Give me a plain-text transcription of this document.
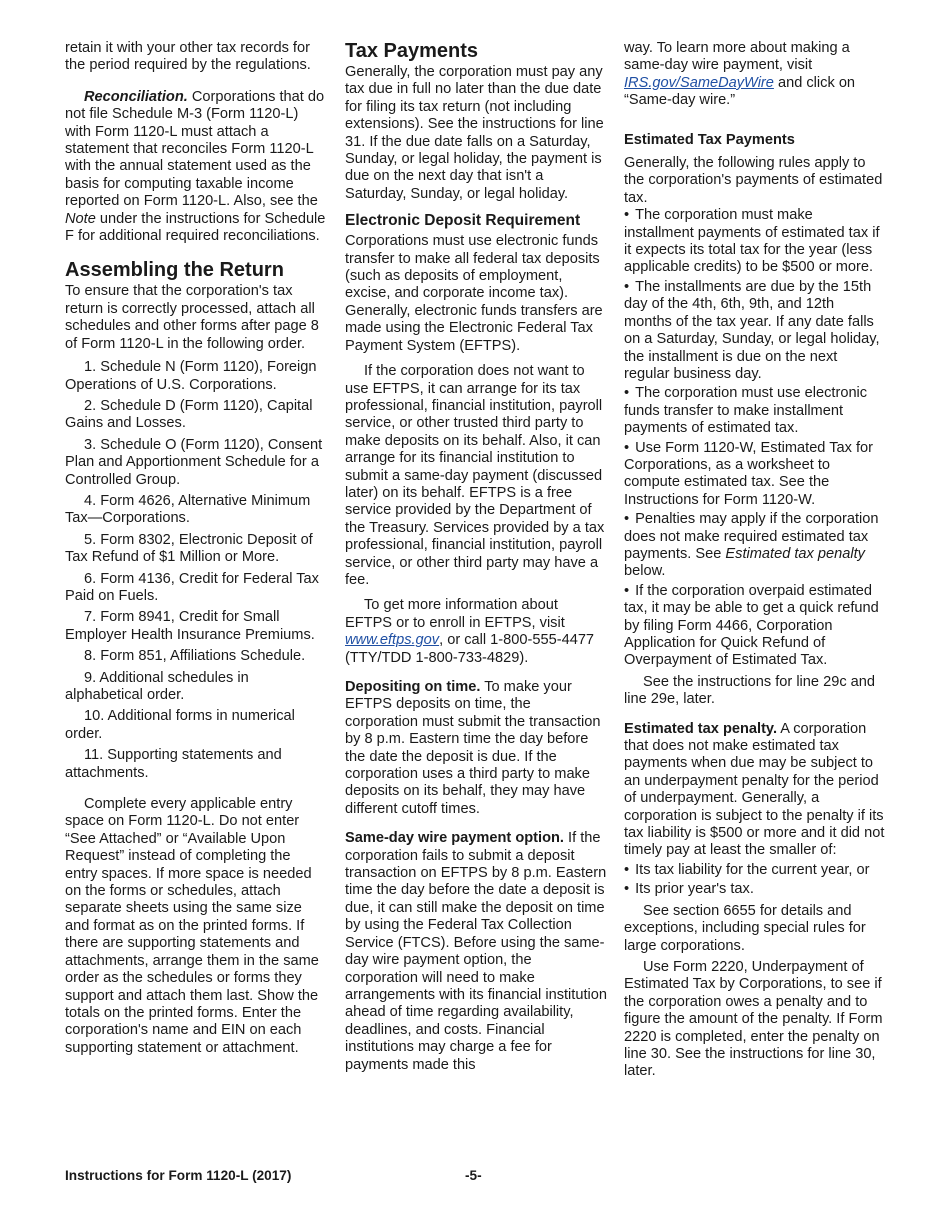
retain it with your other tax records for the period required by the regulations.

Reconciliation. Corporations that do not file Schedule M-3 (Form 1120-L) with Form 1120-L must attach a statement that reconciles Form 1120-L with the annual statement used as the basis for computing taxable income reported on Form 1120-L. Also, see the Note under the instructions for Schedule F for additional required reconciliations.

Assembling the Return

To ensure that the corporation's tax return is correctly processed, attach all schedules and other forms after page 8 of Form 1120-L in the following order.

1. Schedule N (Form 1120), Foreign Operations of U.S. Corporations.

2. Schedule D (Form 1120), Capital Gains and Losses.

3. Schedule O (Form 1120), Consent Plan and Apportionment Schedule for a Controlled Group.

4. Form 4626, Alternative Minimum Tax—Corporations.

5. Form 8302, Electronic Deposit of Tax Refund of $1 Million or More.

6. Form 4136, Credit for Federal Tax Paid on Fuels.

7. Form 8941, Credit for Small Employer Health Insurance Premiums.

8. Form 851, Affiliations Schedule.

9. Additional schedules in alphabetical order.

10. Additional forms in numerical order.

11. Supporting statements and attachments.

Complete every applicable entry space on Form 1120-L. Do not enter “See Attached” or “Available Upon Request” instead of completing the entry spaces. If more space is needed on the forms or schedules, attach separate sheets using the same size and format as on the printed forms. If there are supporting statements and attachments, arrange them in the same order as the schedules or forms they support and attach them last. Show the totals on the printed forms. Enter the corporation's name and EIN on each supporting statement or attachment.

Tax Payments

Generally, the corporation must pay any tax due in full no later than the due date for filing its tax return (not including extensions). See the instructions for line 31. If the due date falls on a Saturday, Sunday, or legal holiday, the payment is due on the next day that isn't a Saturday, Sunday, or legal holiday.

Electronic Deposit Requirement

Corporations must use electronic funds transfer to make all federal tax deposits (such as deposits of employment, excise, and corporate income tax). Generally, electronic funds transfers are made using the Electronic Federal Tax Payment System (EFTPS).

If the corporation does not want to use EFTPS, it can arrange for its tax professional, financial institution, payroll service, or other trusted third party to make deposits on its behalf. Also, it can arrange for its financial institution to submit a same-day payment (discussed later) on its behalf. EFTPS is a free service provided by the Department of the Treasury. Services provided by a tax professional, financial institution, payroll service, or other third party may have a fee.

To get more information about EFTPS or to enroll in EFTPS, visit www.eftps.gov, or call 1-800-555-4477 (TTY/TDD 1-800-733-4829).

Depositing on time. To make your EFTPS deposits on time, the corporation must submit the transaction by 8 p.m. Eastern time the day before the date the deposit is due. If the corporation uses a third party to make deposits on its behalf, they may have different cutoff times.

Same-day wire payment option. If the corporation fails to submit a deposit transaction on EFTPS by 8 p.m. Eastern time the day before the date a deposit is due, it can still make the deposit on time by using the Federal Tax Collection Service (FTCS). Before using the same-day wire payment option, the corporation will need to make arrangements with its financial institution ahead of time regarding availability, deadlines, and costs. Financial institutions may charge a fee for payments made this

way. To learn more about making a same-day wire payment, visit IRS.gov/SameDayWire and click on “Same-day wire.”

Estimated Tax Payments

Generally, the following rules apply to the corporation's payments of estimated tax.

• The corporation must make installment payments of estimated tax if it expects its total tax for the year (less applicable credits) to be $500 or more.

• The installments are due by the 15th day of the 4th, 6th, 9th, and 12th months of the tax year. If any date falls on a Saturday, Sunday, or legal holiday, the installment is due on the next regular business day.

• The corporation must use electronic funds transfer to make installment payments of estimated tax.

• Use Form 1120-W, Estimated Tax for Corporations, as a worksheet to compute estimated tax. See the Instructions for Form 1120-W.

• Penalties may apply if the corporation does not make required estimated tax payments. See Estimated tax penalty below.

• If the corporation overpaid estimated tax, it may be able to get a quick refund by filing Form 4466, Corporation Application for Quick Refund of Overpayment of Estimated Tax.

See the instructions for line 29c and line 29e, later.

Estimated tax penalty. A corporation that does not make estimated tax payments when due may be subject to an underpayment penalty for the period of underpayment. Generally, a corporation is subject to the penalty if its tax liability is $500 or more and it did not timely pay at least the smaller of:

• Its tax liability for the current year, or

• Its prior year's tax.

See section 6655 for details and exceptions, including special rules for large corporations.

Use Form 2220, Underpayment of Estimated Tax by Corporations, to see if the corporation owes a penalty and to figure the amount of the penalty. If Form 2220 is completed, enter the penalty on line 30. See the instructions for line 30, later.

Instructions for Form 1120-L (2017)	-5-
